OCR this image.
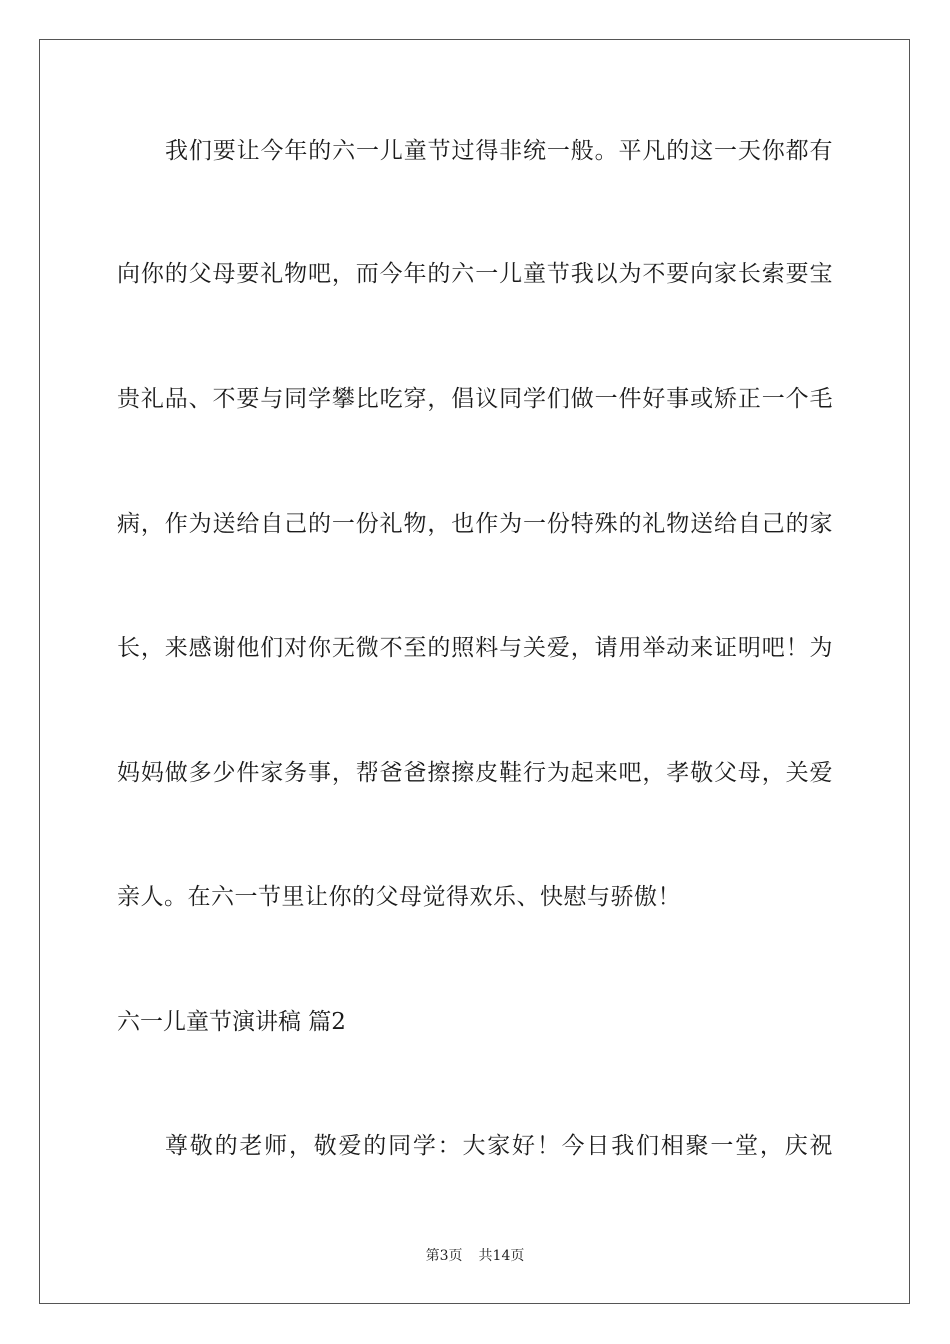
我们要让今年的六一儿童节过得非统一般。平凡的这一天你都有
向你的父母要礼物吧，而今年的六一儿童节我以为不要向家长索要宝
贵礼品、不要与同学攀比吃穿，倡议同学们做一件好事或矫正一个毛
病，作为送给自己的一份礼物，也作为一份特殊的礼物送给自己的家
长，来感谢他们对你无微不至的照料与关爱，请用举动来证明吧！为
妈妈做多少件家务事，帮爸爸擦擦皮鞋行为起来吧，孝敬父母，关爱
亲人。在六一节里让你的父母觉得欢乐、快慰与骄傲！
六一儿童节演讲稿 篇2
尊敬的老师，敬爱的同学：大家好！今日我们相聚一堂，庆祝
第3页 共14页
